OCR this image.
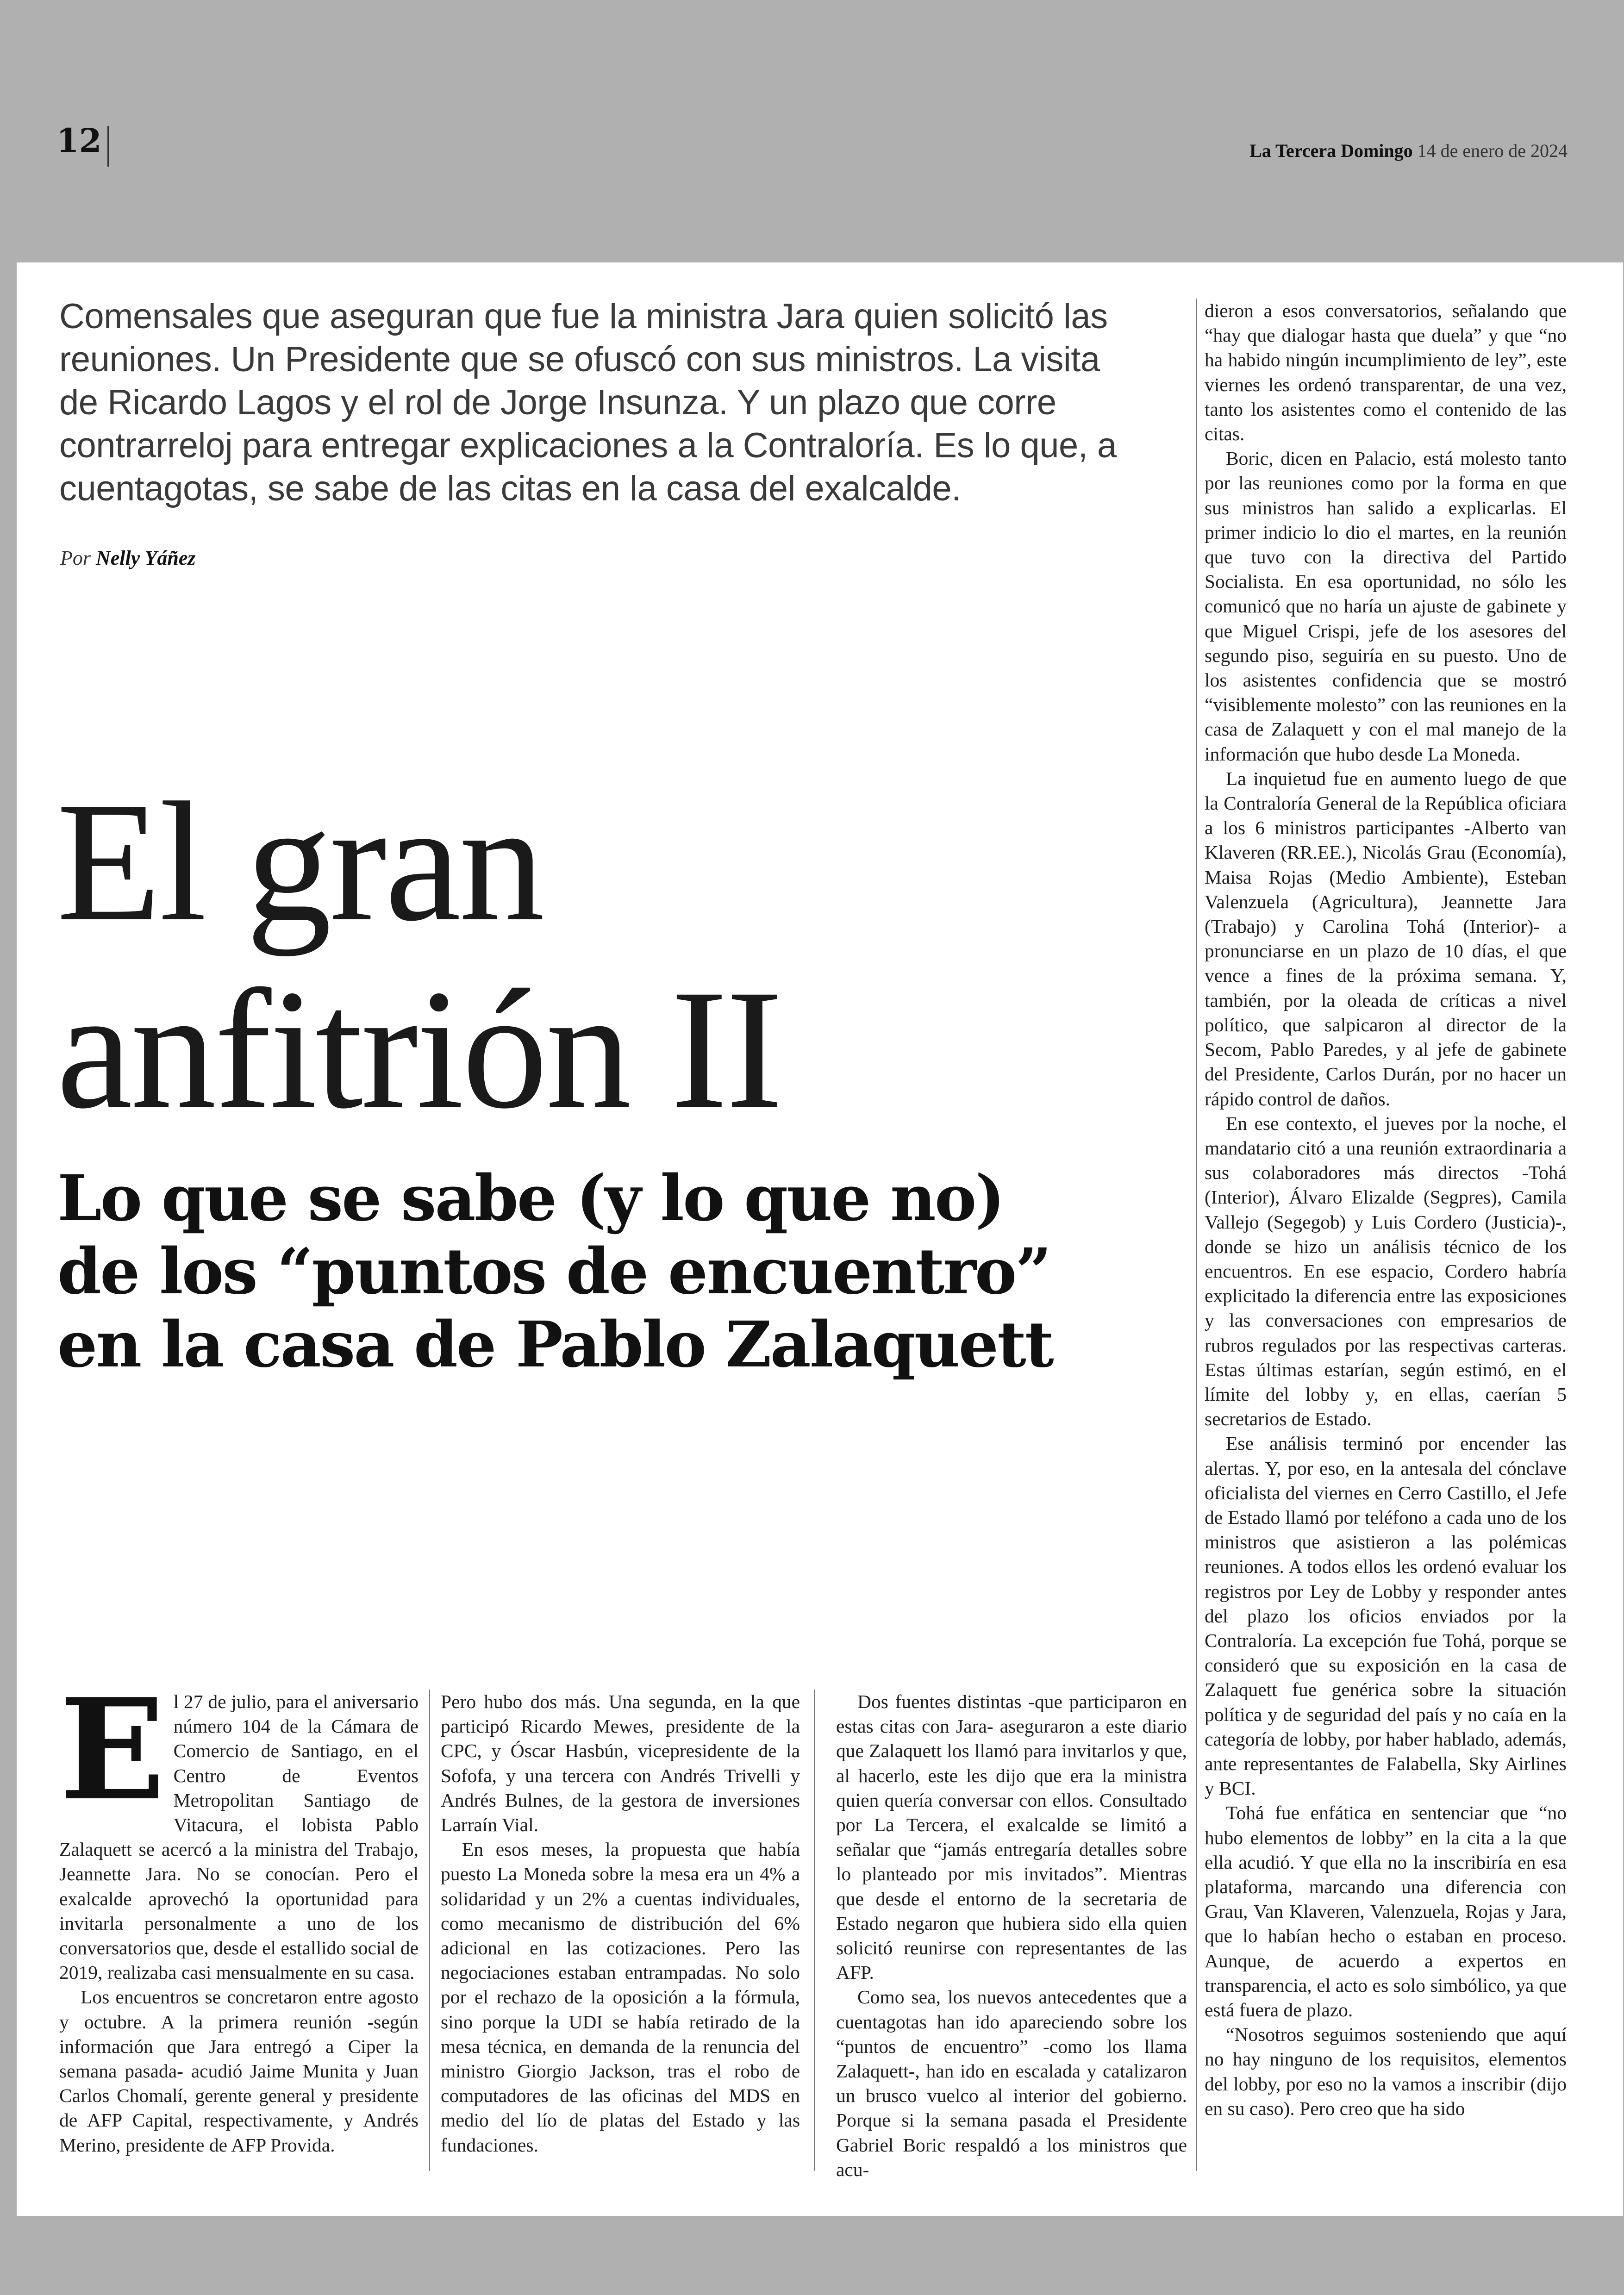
12	La Tercera Domingo 14 de enero de 2024
Comensales que aseguran que fue la ministra Jara quien solicitó las reuniones. Un Presidente que se ofuscó con sus ministros. La visita de Ricardo Lagos y el rol de Jorge Insunza. Y un plazo que corre contrarreloj para entregar explicaciones a la Contraloría. Es lo que, a cuentagotas, se sabe de las citas en la casa del exalcalde.
Por Nelly Yáñez
El gran
anfitrión II
Lo que se sabe (y lo que no)
de los “puntos de encuentro”
en la casa de Pablo Zalaquett

El 27 de julio, para el aniversario número 104 de la Cámara de Comercio de Santiago, en el Centro de Eventos Metropolitan Santiago de Vitacura, el lobista Pablo Zalaquett se acercó a la ministra del Trabajo, Jeannette Jara. No se conocían. Pero el exalcalde aprovechó la oportunidad para invitarla personalmente a uno de los conversatorios que, desde el estallido social de 2019, realizaba casi mensualmente en su casa.

Los encuentros se concretaron entre agosto y octubre. A la primera reunión -según información que Jara entregó a Ciper la semana pasada- acudió Jaime Munita y Juan Carlos Chomalí, gerente general y presidente de AFP Capital, respectivamente, y Andrés Merino, presidente de AFP Provida.

Pero hubo dos más. Una segunda, en la que participó Ricardo Mewes, presidente de la CPC, y Óscar Hasbún, vicepresidente de la Sofofa, y una tercera con Andrés Trivelli y Andrés Bulnes, de la gestora de inversiones Larraín Vial.

En esos meses, la propuesta que había puesto La Moneda sobre la mesa era un 4% a solidaridad y un 2% a cuentas individuales, como mecanismo de distribución del 6% adicional en las cotizaciones. Pero las negociaciones estaban entrampadas. No solo por el rechazo de la oposición a la fórmula, sino porque la UDI se había retirado de la mesa técnica, en demanda de la renuncia del ministro Giorgio Jackson, tras el robo de computadores de las oficinas del MDS en medio del lío de platas del Estado y las fundaciones.

Dos fuentes distintas -que participaron en estas citas con Jara- aseguraron a este diario que Zalaquett los llamó para invitarlos y que, al hacerlo, este les dijo que era la ministra quien quería conversar con ellos. Consultado por La Tercera, el exalcalde se limitó a señalar que “jamás entregaría detalles sobre lo planteado por mis invitados”. Mientras que desde el entorno de la secretaria de Estado negaron que hubiera sido ella quien solicitó reunirse con representantes de las AFP.

Como sea, los nuevos antecedentes que a cuentagotas han ido apareciendo sobre los “puntos de encuentro” -como los llama Zalaquett-, han ido en escalada y catalizaron un brusco vuelco al interior del gobierno. Porque si la semana pasada el Presidente Gabriel Boric respaldó a los ministros que acu-

dieron a esos conversatorios, señalando que “hay que dialogar hasta que duela” y que “no ha habido ningún incumplimiento de ley”, este viernes les ordenó transparentar, de una vez, tanto los asistentes como el contenido de las citas.

Boric, dicen en Palacio, está molesto tanto por las reuniones como por la forma en que sus ministros han salido a explicarlas. El primer indicio lo dio el martes, en la reunión que tuvo con la directiva del Partido Socialista. En esa oportunidad, no sólo les comunicó que no haría un ajuste de gabinete y que Miguel Crispi, jefe de los asesores del segundo piso, seguiría en su puesto. Uno de los asistentes confidencia que se mostró “visiblemente molesto” con las reuniones en la casa de Zalaquett y con el mal manejo de la información que hubo desde La Moneda.

La inquietud fue en aumento luego de que la Contraloría General de la República oficiara a los 6 ministros participantes -Alberto van Klaveren (RR.EE.), Nicolás Grau (Economía), Maisa Rojas (Medio Ambiente), Esteban Valenzuela (Agricultura), Jeannette Jara (Trabajo) y Carolina Tohá (Interior)- a pronunciarse en un plazo de 10 días, el que vence a fines de la próxima semana. Y, también, por la oleada de críticas a nivel político, que salpicaron al director de la Secom, Pablo Paredes, y al jefe de gabinete del Presidente, Carlos Durán, por no hacer un rápido control de daños.

En ese contexto, el jueves por la noche, el mandatario citó a una reunión extraordinaria a sus colaboradores más directos -Tohá (Interior), Álvaro Elizalde (Segpres), Camila Vallejo (Segegob) y Luis Cordero (Justicia)-, donde se hizo un análisis técnico de los encuentros. En ese espacio, Cordero habría explicitado la diferencia entre las exposiciones y las conversaciones con empresarios de rubros regulados por las respectivas carteras. Estas últimas estarían, según estimó, en el límite del lobby y, en ellas, caerían 5 secretarios de Estado.

Ese análisis terminó por encender las alertas. Y, por eso, en la antesala del cónclave oficialista del viernes en Cerro Castillo, el Jefe de Estado llamó por teléfono a cada uno de los ministros que asistieron a las polémicas reuniones. A todos ellos les ordenó evaluar los registros por Ley de Lobby y responder antes del plazo los oficios enviados por la Contraloría. La excepción fue Tohá, porque se consideró que su exposición en la casa de Zalaquett fue genérica sobre la situación política y de seguridad del país y no caía en la categoría de lobby, por haber hablado, además, ante representantes de Falabella, Sky Airlines y BCI.

Tohá fue enfática en sentenciar que “no hubo elementos de lobby” en la cita a la que ella acudió. Y que ella no la inscribiría en esa plataforma, marcando una diferencia con Grau, Van Klaveren, Valenzuela, Rojas y Jara, que lo habían hecho o estaban en proceso. Aunque, de acuerdo a expertos en transparencia, el acto es solo simbólico, ya que está fuera de plazo.

“Nosotros seguimos sosteniendo que aquí no hay ninguno de los requisitos, elementos del lobby, por eso no la vamos a inscribir (dijo en su caso). Pero creo que ha sido
